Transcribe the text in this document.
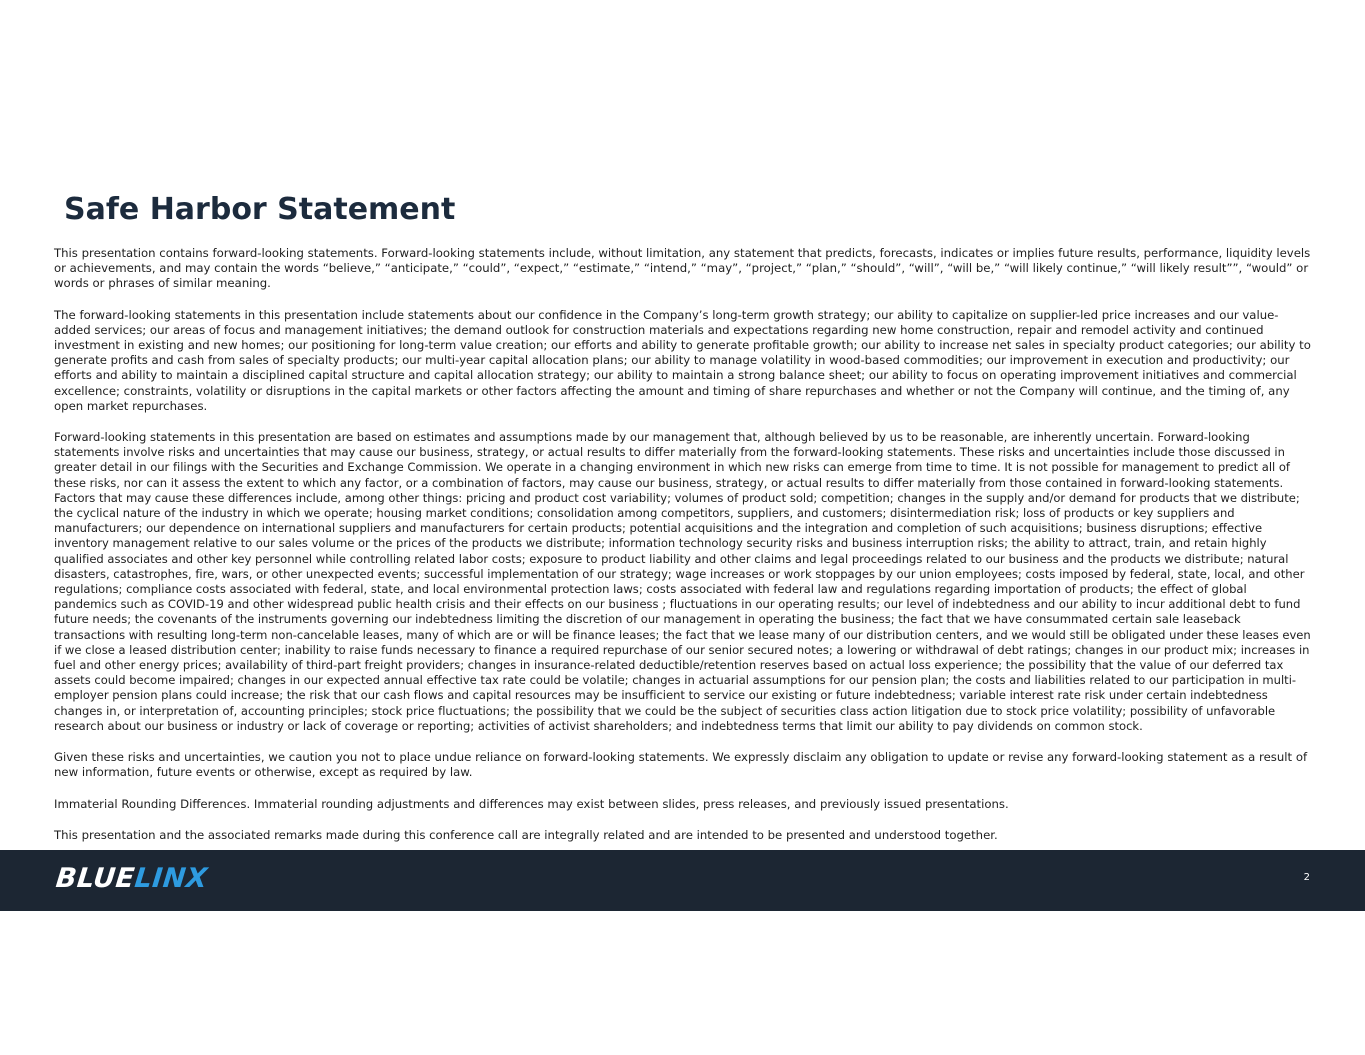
Safe Harbor Statement

This presentation contains forward-looking statements. Forward-looking statements include, without limitation, any statement that predicts, forecasts, indicates or implies future results, performance, liquidity levels or achievements, and may contain the words “believe,” “anticipate,” “could”, “expect,” “estimate,” “intend,” “may”, “project,” “plan,” “should”, “will”, “will be,” “will likely continue,” “will likely result””, “would” or words or phrases of similar meaning.

The forward-looking statements in this presentation include statements about our confidence in the Company’s long-term growth strategy; our ability to capitalize on supplier-led price increases and our value-added services; our areas of focus and management initiatives; the demand outlook for construction materials and expectations regarding new home construction, repair and remodel activity and continued investment in existing and new homes; our positioning for long-term value creation; our efforts and ability to generate profitable growth; our ability to increase net sales in specialty product categories; our ability to generate profits and cash from sales of specialty products; our multi-year capital allocation plans; our ability to manage volatility in wood-based commodities; our improvement in execution and productivity; our efforts and ability to maintain a disciplined capital structure and capital allocation strategy; our ability to maintain a strong balance sheet; our ability to focus on operating improvement initiatives and commercial excellence; constraints, volatility or disruptions in the capital markets or other factors affecting the amount and timing of share repurchases and whether or not the Company will continue, and the timing of, any open market repurchases.

Forward-looking statements in this presentation are based on estimates and assumptions made by our management that, although believed by us to be reasonable, are inherently uncertain. Forward-looking statements involve risks and uncertainties that may cause our business, strategy, or actual results to differ materially from the forward-looking statements. These risks and uncertainties include those discussed in greater detail in our filings with the Securities and Exchange Commission. We operate in a changing environment in which new risks can emerge from time to time. It is not possible for management to predict all of these risks, nor can it assess the extent to which any factor, or a combination of factors, may cause our business, strategy, or actual results to differ materially from those contained in forward-looking statements. Factors that may cause these differences include, among other things: pricing and product cost variability; volumes of product sold; competition; changes in the supply and/or demand for products that we distribute; the cyclical nature of the industry in which we operate; housing market conditions; consolidation among competitors, suppliers, and customers; disintermediation risk; loss of products or key suppliers and manufacturers; our dependence on international suppliers and manufacturers for certain products; potential acquisitions and the integration and completion of such acquisitions; business disruptions; effective inventory management relative to our sales volume or the prices of the products we distribute; information technology security risks and business interruption risks; the ability to attract, train, and retain highly qualified associates and other key personnel while controlling related labor costs; exposure to product liability and other claims and legal proceedings related to our business and the products we distribute; natural disasters, catastrophes, fire, wars, or other unexpected events; successful implementation of our strategy; wage increases or work stoppages by our union employees; costs imposed by federal, state, local, and other regulations; compliance costs associated with federal, state, and local environmental protection laws; costs associated with federal law and regulations regarding importation of products; the effect of global pandemics such as COVID-19 and other widespread public health crisis and their effects on our business ; fluctuations in our operating results; our level of indebtedness and our ability to incur additional debt to fund future needs; the covenants of the instruments governing our indebtedness limiting the discretion of our management in operating the business; the fact that we have consummated certain sale leaseback transactions with resulting long-term non-cancelable leases, many of which are or will be finance leases; the fact that we lease many of our distribution centers, and we would still be obligated under these leases even if we close a leased distribution center; inability to raise funds necessary to finance a required repurchase of our senior secured notes; a lowering or withdrawal of debt ratings; changes in our product mix; increases in fuel and other energy prices; availability of third-part freight providers; changes in insurance-related deductible/retention reserves based on actual loss experience; the possibility that the value of our deferred tax assets could become impaired; changes in our expected annual effective tax rate could be volatile; changes in actuarial assumptions for our pension plan; the costs and liabilities related to our participation in multi-employer pension plans could increase; the risk that our cash flows and capital resources may be insufficient to service our existing or future indebtedness; variable interest rate risk under certain indebtedness changes in, or interpretation of, accounting principles; stock price fluctuations; the possibility that we could be the subject of securities class action litigation due to stock price volatility; possibility of unfavorable research about our business or industry or lack of coverage or reporting; activities of activist shareholders; and indebtedness terms that limit our ability to pay dividends on common stock.

Given these risks and uncertainties, we caution you not to place undue reliance on forward-looking statements. We expressly disclaim any obligation to update or revise any forward-looking statement as a result of new information, future events or otherwise, except as required by law.

Immaterial Rounding Differences. Immaterial rounding adjustments and differences may exist between slides, press releases, and previously issued presentations.

This presentation and the associated remarks made during this conference call are integrally related and are intended to be presented and understood together.

BLUELINX	2
